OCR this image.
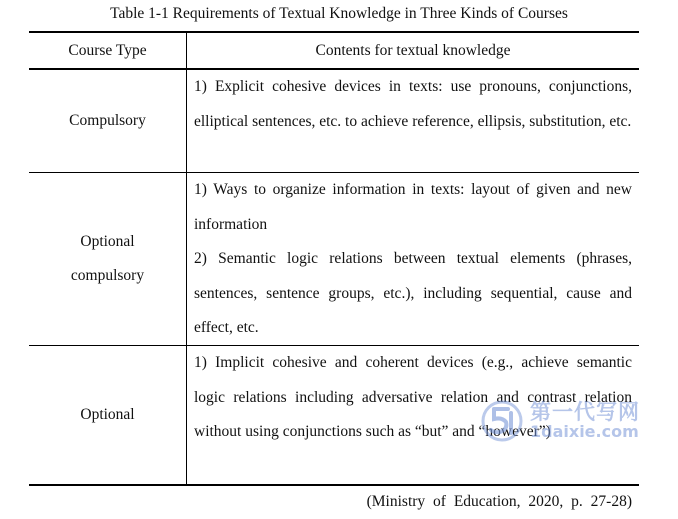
Table 1-1 Requirements of Textual Knowledge in Three Kinds of Courses
Course Type	Contents for textual knowledge
Compulsory

1) Explicit cohesive devices in texts: use pronouns, conjunctions, elliptical sentences, etc. to achieve reference, ellipsis, substitution, etc.

Optional
compulsory

1) Ways to organize information in texts: layout of given and new information

2) Semantic logic relations between textual elements (phrases, sentences, sentence groups, etc.), including sequential, cause and effect, etc.

Optional

1) Implicit cohesive and coherent devices (e.g., achieve semantic logic relations including adversative relation and contrast relation without using conjunctions such as “but” and “however”)

(Ministry of Education, 2020, p. 27-28)
第一代写网
1daixie.com
